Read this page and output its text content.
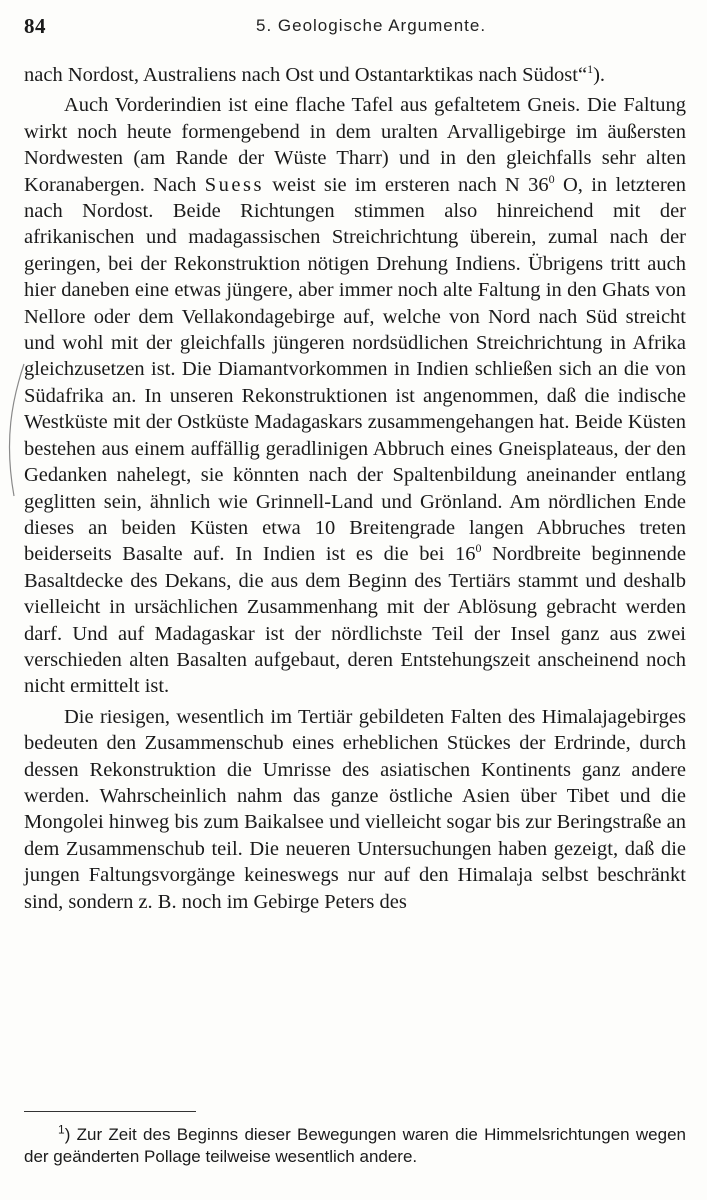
84	5. Geologische Argumente.

nach Nordost, Australiens nach Ost und Ostantarktikas nach Südost“$^1$).

Auch Vorderindien ist eine flache Tafel aus gefaltetem Gneis. Die Faltung wirkt noch heute formengebend in dem uralten Arvalligebirge im äußersten Nordwesten (am Rande der Wüste Tharr) und in den gleichfalls sehr alten Koranabergen. Nach Suess weist sie im ersteren nach N $36^0$ O, in letzteren nach Nordost. Beide Richtungen stimmen also hinreichend mit der afrikanischen und madagassischen Streichrichtung überein, zumal nach der geringen, bei der Rekonstruktion nötigen Drehung Indiens. Übrigens tritt auch hier daneben eine etwas jüngere, aber immer noch alte Faltung in den Ghats von Nellore oder dem Vellakondagebirge auf, welche von Nord nach Süd streicht und wohl mit der gleichfalls jüngeren nordsüdlichen Streichrichtung in Afrika gleichzusetzen ist. Die Diamantvorkommen in Indien schließen sich an die von Südafrika an. In unseren Rekonstruktionen ist angenommen, daß die indische Westküste mit der Ostküste Madagaskars zusammengehangen hat. Beide Küsten bestehen aus einem auffällig geradlinigen Abbruch eines Gneisplateaus, der den Gedanken nahelegt, sie könnten nach der Spaltenbildung aneinander entlang geglitten sein, ähnlich wie Grinnell-Land und Grönland. Am nördlichen Ende dieses an beiden Küsten etwa 10 Breitengrade langen Abbruches treten beiderseits Basalte auf. In Indien ist es die bei $16^0$ Nordbreite beginnende Basaltdecke des Dekans, die aus dem Beginn des Tertiärs stammt und deshalb vielleicht in ursächlichen Zusammenhang mit der Ablösung gebracht werden darf. Und auf Madagaskar ist der nördlichste Teil der Insel ganz aus zwei verschieden alten Basalten aufgebaut, deren Entstehungszeit anscheinend noch nicht ermittelt ist.

Die riesigen, wesentlich im Tertiär gebildeten Falten des Himalajagebirges bedeuten den Zusammenschub eines erheblichen Stückes der Erdrinde, durch dessen Rekonstruktion die Umrisse des asiatischen Kontinents ganz andere werden. Wahrscheinlich nahm das ganze östliche Asien über Tibet und die Mongolei hinweg bis zum Baikalsee und vielleicht sogar bis zur Beringstraße an dem Zusammenschub teil. Die neueren Untersuchungen haben gezeigt, daß die jungen Faltungsvorgänge keineswegs nur auf den Himalaja selbst beschränkt sind, sondern z. B. noch im Gebirge Peters des

$^1$) Zur Zeit des Beginns dieser Bewegungen waren die Himmelsrichtungen wegen der geänderten Pollage teilweise wesentlich andere.
